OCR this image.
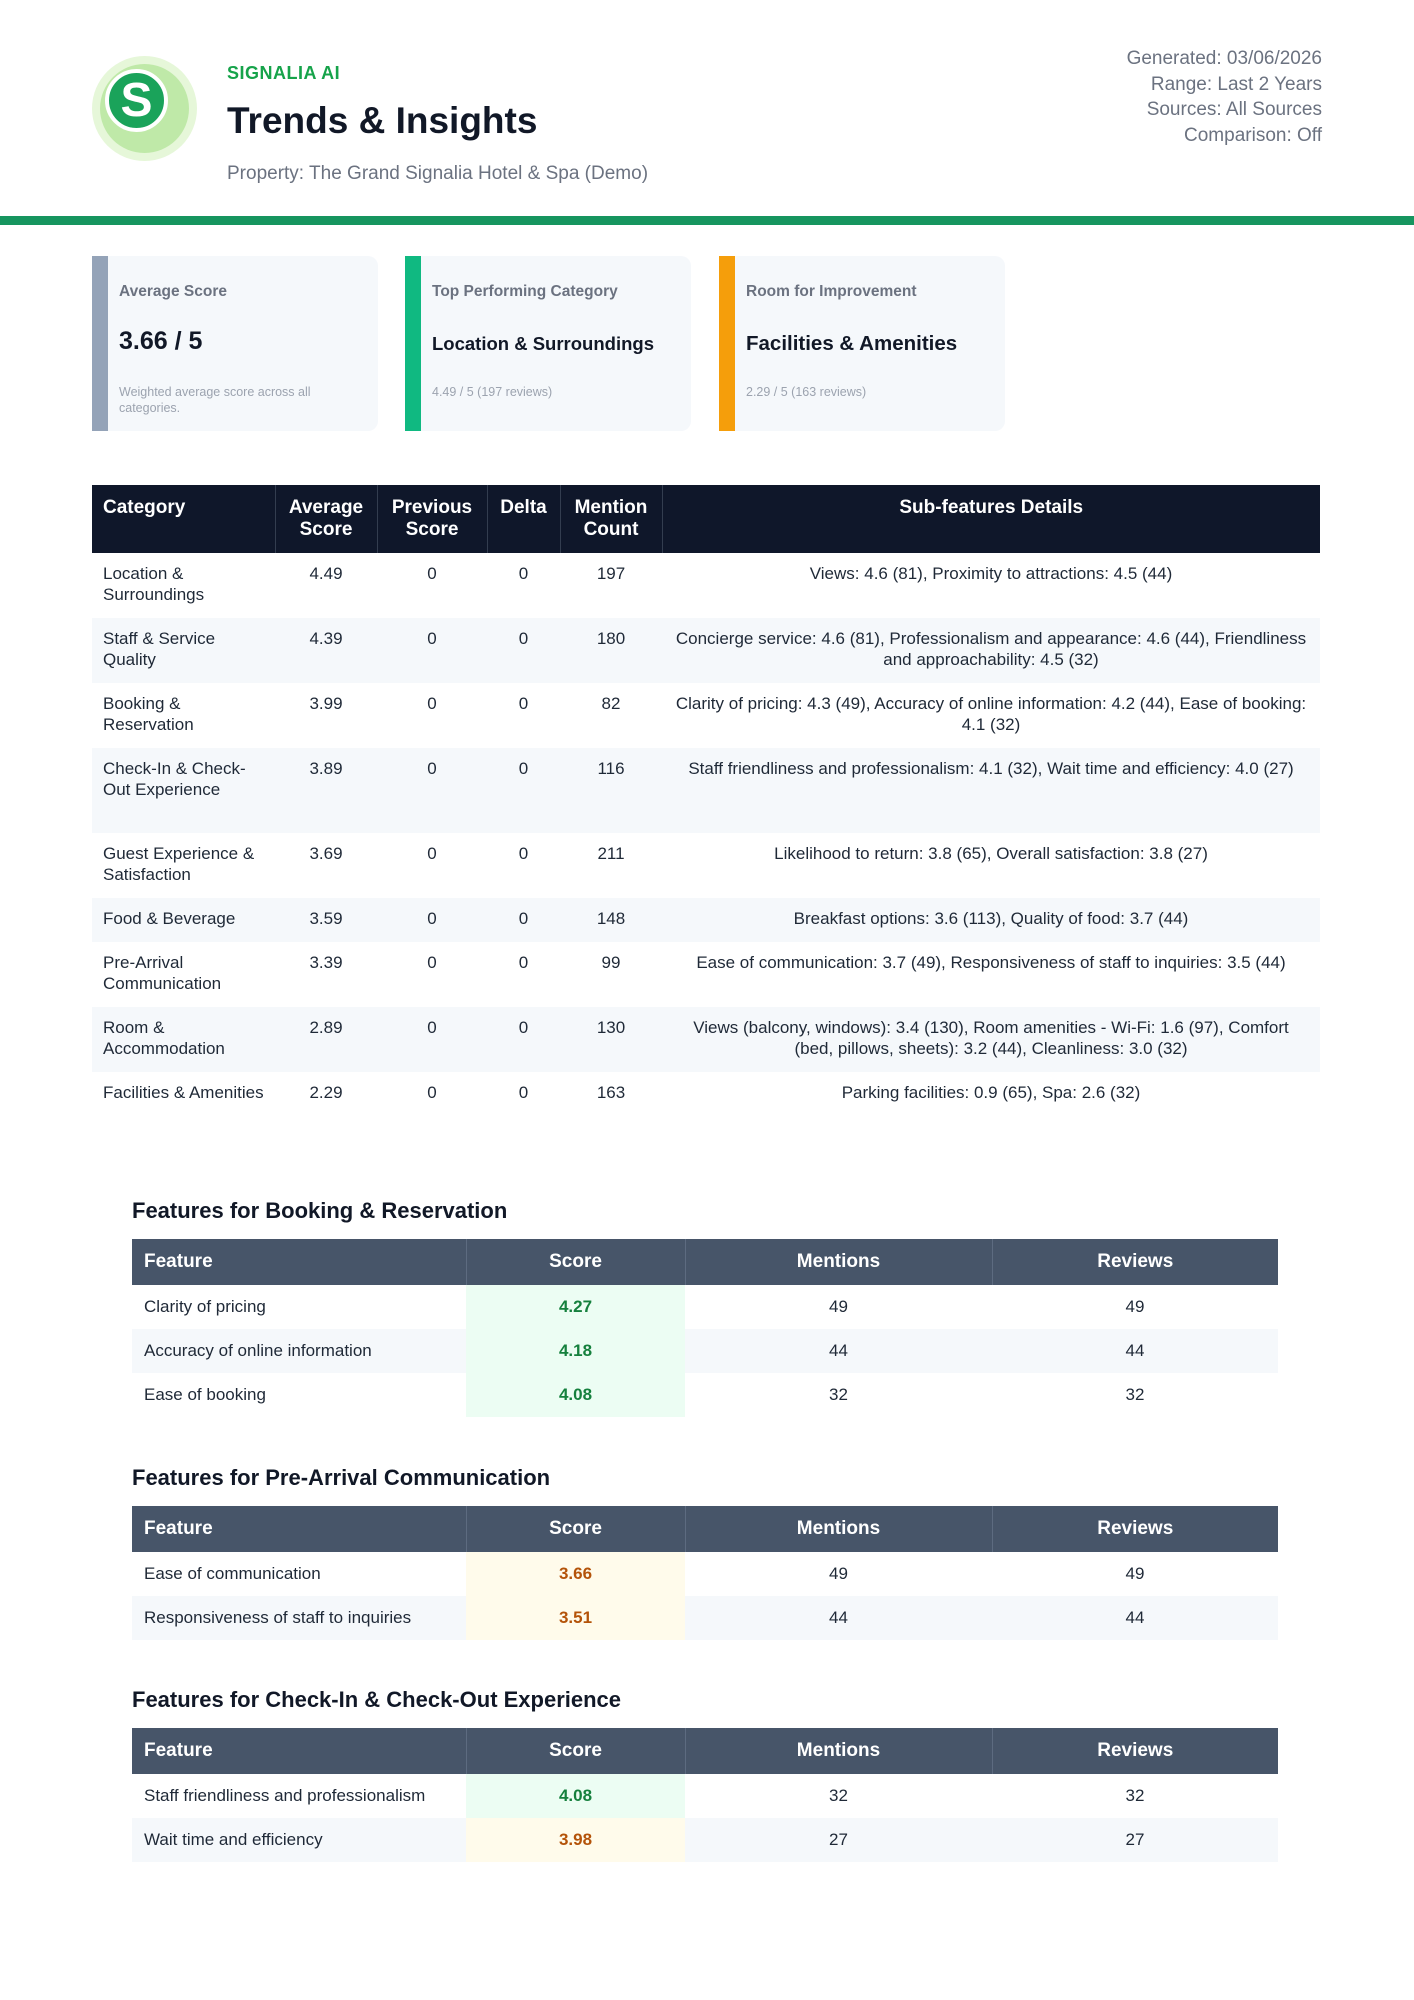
S
SIGNALIA AI
Trends & Insights
Property: The Grand Signalia Hotel & Spa (Demo)
Generated: 03/06/2026
Range: Last 2 Years
Sources: All Sources
Comparison: Off
Average Score
3.66 / 5
Weighted average score across all categories.
Top Performing Category
Location & Surroundings
4.49 / 5 (197 reviews)
Room for Improvement
Facilities & Amenities
2.29 / 5 (163 reviews)
Category	Average Score	Previous Score	Delta	Mention Count	Sub-features Details
Location & Surroundings	4.49	0	0	197	Views: 4.6 (81), Proximity to attractions: 4.5 (44)
Staff & Service Quality	4.39	0	0	180	Concierge service: 4.6 (81), Professionalism and appearance: 4.6 (44), Friendliness and approachability: 4.5 (32)
Booking & Reservation	3.99	0	0	82	Clarity of pricing: 4.3 (49), Accuracy of online information: 4.2 (44), Ease of booking: 4.1 (32)
Check-In & Check-Out Experience	3.89	0	0	116	Staff friendliness and professionalism: 4.1 (32), Wait time and efficiency: 4.0 (27)
Guest Experience & Satisfaction	3.69	0	0	211	Likelihood to return: 3.8 (65), Overall satisfaction: 3.8 (27)
Food & Beverage	3.59	0	0	148	Breakfast options: 3.6 (113), Quality of food: 3.7 (44)
Pre-Arrival Communication	3.39	0	0	99	Ease of communication: 3.7 (49), Responsiveness of staff to inquiries: 3.5 (44)
Room & Accommodation	2.89	0	0	130	Views (balcony, windows): 3.4 (130), Room amenities - Wi-Fi: 1.6 (97), Comfort (bed, pillows, sheets): 3.2 (44), Cleanliness: 3.0 (32)
Facilities & Amenities	2.29	0	0	163	Parking facilities: 0.9 (65), Spa: 2.6 (32)
Features for Booking & Reservation
Feature	Score	Mentions	Reviews
Clarity of pricing	4.27	49	49
Accuracy of online information	4.18	44	44
Ease of booking	4.08	32	32
Features for Pre-Arrival Communication
Feature	Score	Mentions	Reviews
Ease of communication	3.66	49	49
Responsiveness of staff to inquiries	3.51	44	44
Features for Check-In & Check-Out Experience
Feature	Score	Mentions	Reviews
Staff friendliness and professionalism	4.08	32	32
Wait time and efficiency	3.98	27	27
